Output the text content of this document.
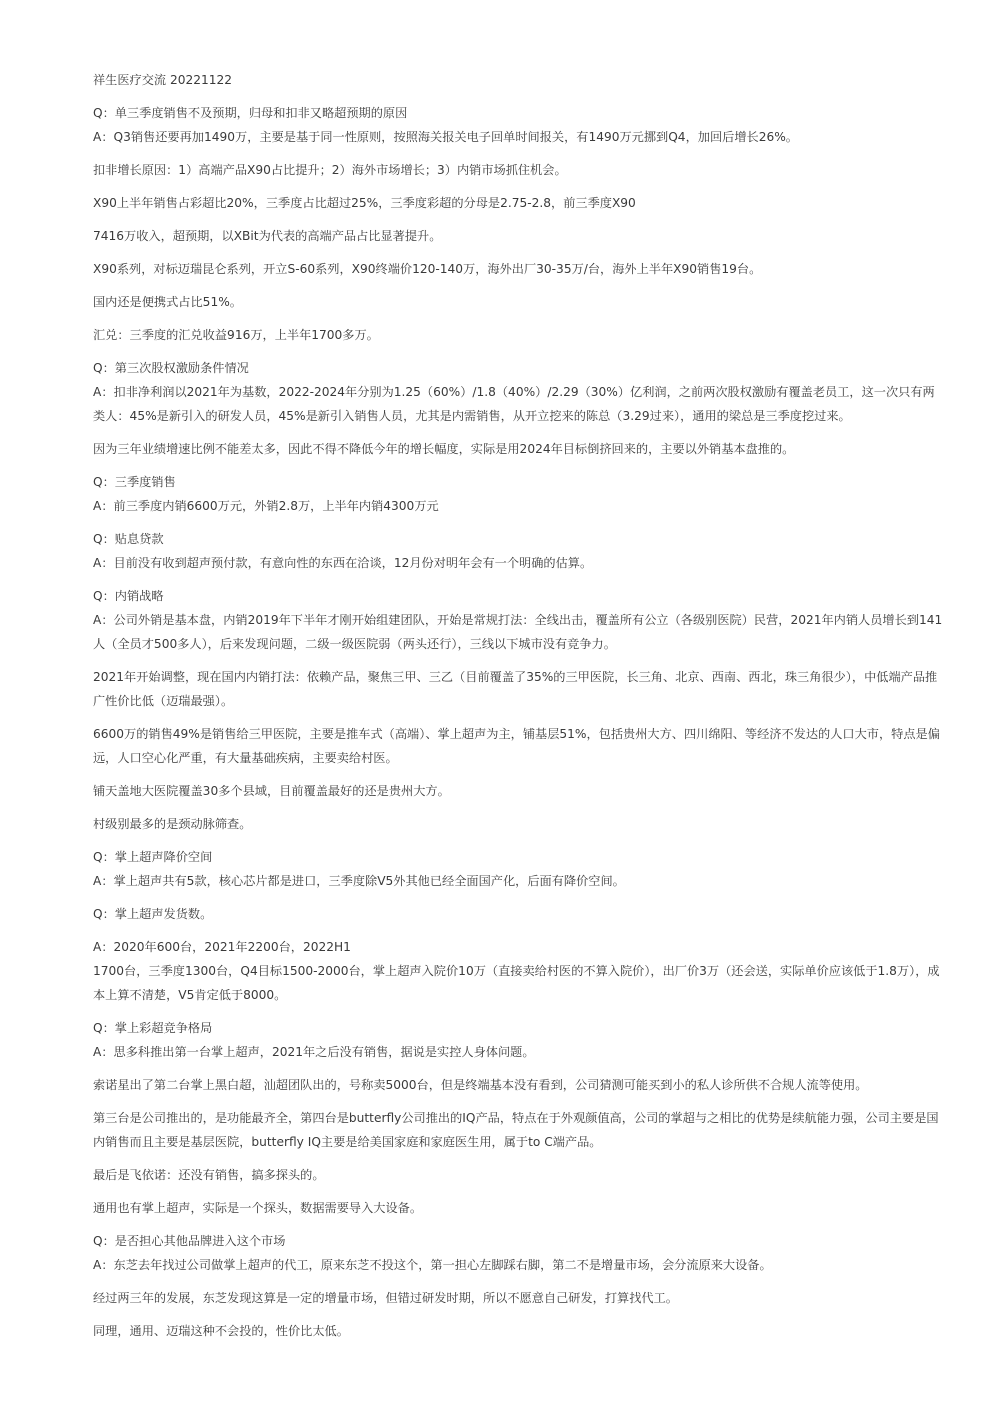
祥生医疗交流 20221122
Q：单三季度销售不及预期，归母和扣非又略超预期的原因
A：Q3销售还要再加1490万，主要是基于同一性原则，按照海关报关电子回单时间报关，有1490万元挪到Q4，加回后增长26%。
扣非增长原因：1）高端产品X90占比提升；2）海外市场增长；3）内销市场抓住机会。
X90上半年销售占彩超比20%，三季度占比超过25%，三季度彩超的分母是2.75-2.8，前三季度X90
7416万收入，超预期，以XBit为代表的高端产品占比显著提升。
X90系列，对标迈瑞昆仑系列，开立S-60系列，X90终端价120-140万，海外出厂30-35万/台，海外上半年X90销售19台。
国内还是便携式占比51%。
汇兑：三季度的汇兑收益916万，上半年1700多万。
Q：第三次股权激励条件情况
A：扣非净利润以2021年为基数，2022-2024年分别为1.25（60%）/1.8（40%）/2.29（30%）亿利润，之前两次股权激励有覆盖老员工，这一次只有两类人：45%是新引入的研发人员，45%是新引入销售人员，尤其是内需销售，从开立挖来的陈总（3.29过来），通用的梁总是三季度挖过来。
因为三年业绩增速比例不能差太多，因此不得不降低今年的增长幅度，实际是用2024年目标倒挤回来的，主要以外销基本盘推的。
Q：三季度销售
A：前三季度内销6600万元，外销2.8万，上半年内销4300万元
Q：贴息贷款
A：目前没有收到超声预付款，有意向性的东西在洽谈，12月份对明年会有一个明确的估算。
Q：内销战略
A：公司外销是基本盘，内销2019年下半年才刚开始组建团队，开始是常规打法：全线出击，覆盖所有公立（各级别医院）民营，2021年内销人员增长到141人（全员才500多人），后来发现问题，二级一级医院弱（两头还行），三线以下城市没有竞争力。
2021年开始调整，现在国内内销打法：依赖产品，聚焦三甲、三乙（目前覆盖了35%的三甲医院，长三角、北京、西南、西北，珠三角很少），中低端产品推广性价比低（迈瑞最强）。
6600万的销售49%是销售给三甲医院，主要是推车式（高端）、掌上超声为主，铺基层51%，包括贵州大方、四川绵阳、等经济不发达的人口大市，特点是偏远，人口空心化严重，有大量基础疾病，主要卖给村医。
铺天盖地大医院覆盖30多个县域，目前覆盖最好的还是贵州大方。
村级别最多的是颈动脉筛查。
Q：掌上超声降价空间
A：掌上超声共有5款，核心芯片都是进口，三季度除V5外其他已经全面国产化，后面有降价空间。
Q：掌上超声发货数。
A：2020年600台，2021年2200台，2022H1
1700台，三季度1300台，Q4目标1500-2000台，掌上超声入院价10万（直接卖给村医的不算入院价），出厂价3万（还会送，实际单价应该低于1.8万），成本上算不清楚，V5肯定低于8000。
Q：掌上彩超竞争格局
A：思多科推出第一台掌上超声，2021年之后没有销售，据说是实控人身体问题。
索诺星出了第二台掌上黑白超，汕超团队出的，号称卖5000台，但是终端基本没有看到，公司猜测可能买到小的私人诊所供不合规人流等使用。
第三台是公司推出的，是功能最齐全，第四台是butterfly公司推出的IQ产品，特点在于外观颜值高，公司的掌超与之相比的优势是续航能力强，公司主要是国内销售而且主要是基层医院，butterfly IQ主要是给美国家庭和家庭医生用，属于to C端产品。
最后是飞依诺：还没有销售，搞多探头的。
通用也有掌上超声，实际是一个探头，数据需要导入大设备。
Q：是否担心其他品牌进入这个市场
A：东芝去年找过公司做掌上超声的代工，原来东芝不投这个，第一担心左脚踩右脚，第二不是增量市场，会分流原来大设备。
经过两三年的发展，东芝发现这算是一定的增量市场，但错过研发时期，所以不愿意自己研发，打算找代工。
同理，通用、迈瑞这种不会投的，性价比太低。
